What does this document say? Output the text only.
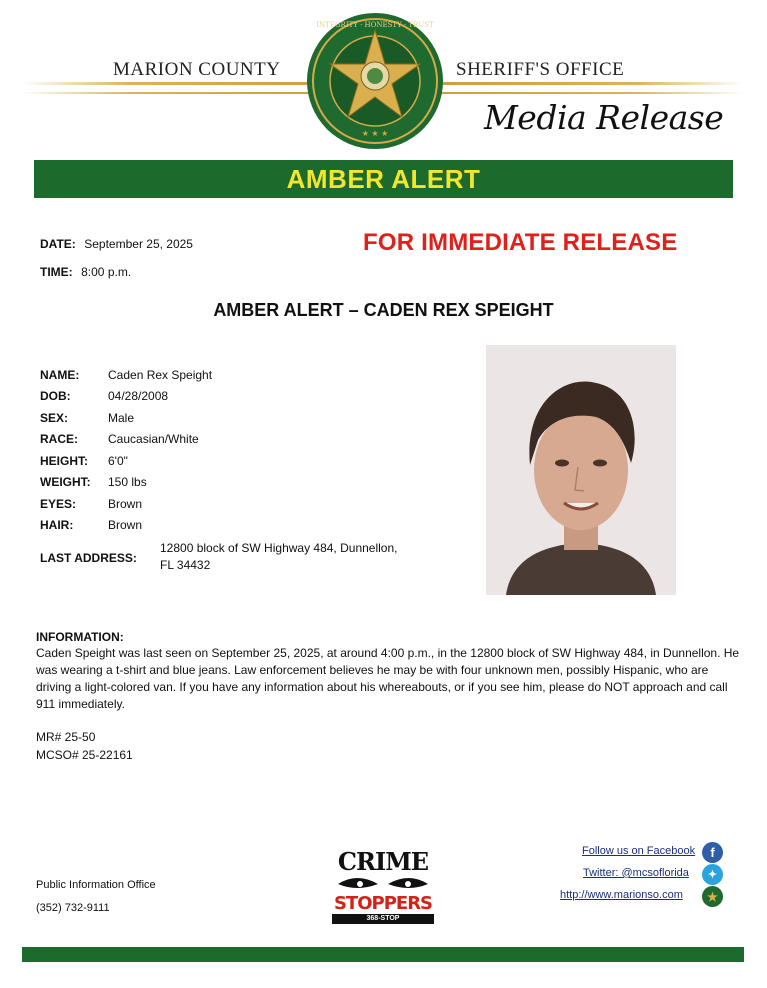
MARION COUNTY	SHERIFF'S OFFICE
★ ★ ★
INTEGRITY · HONESTY · TRUST
Media Release
AMBER ALERT
DATE: September 25, 2025
TIME: 8:00 p.m.
FOR IMMEDIATE RELEASE
AMBER ALERT – CADEN REX SPEIGHT
NAME:	Caden Rex Speight
DOB:	04/28/2008
SEX:	Male
RACE:	Caucasian/White
HEIGHT:	6'0"
WEIGHT:	150 lbs
EYES:	Brown
HAIR:	Brown
LAST ADDRESS:
12800 block of SW Highway 484, Dunnellon,
FL 34432
INFORMATION:
Caden Speight was last seen on September 25, 2025, at around 4:00 p.m., in the 12800 block of SW Highway 484, in Dunnellon. He was wearing a t-shirt and blue jeans. Law enforcement believes he may be with four unknown men, possibly Hispanic, who are driving a light-colored van. If you have any information about his whereabouts, or if you see him, please do NOT approach and call 911 immediately.
MR# 25-50
MCSO# 25-22161
Public Information Office
(352) 732-9111
CRIME
STOPPERS
368-STOP
Follow us on Facebook	f
Twitter: @mcsoflorida	✦
http://www.marionso.com	★
